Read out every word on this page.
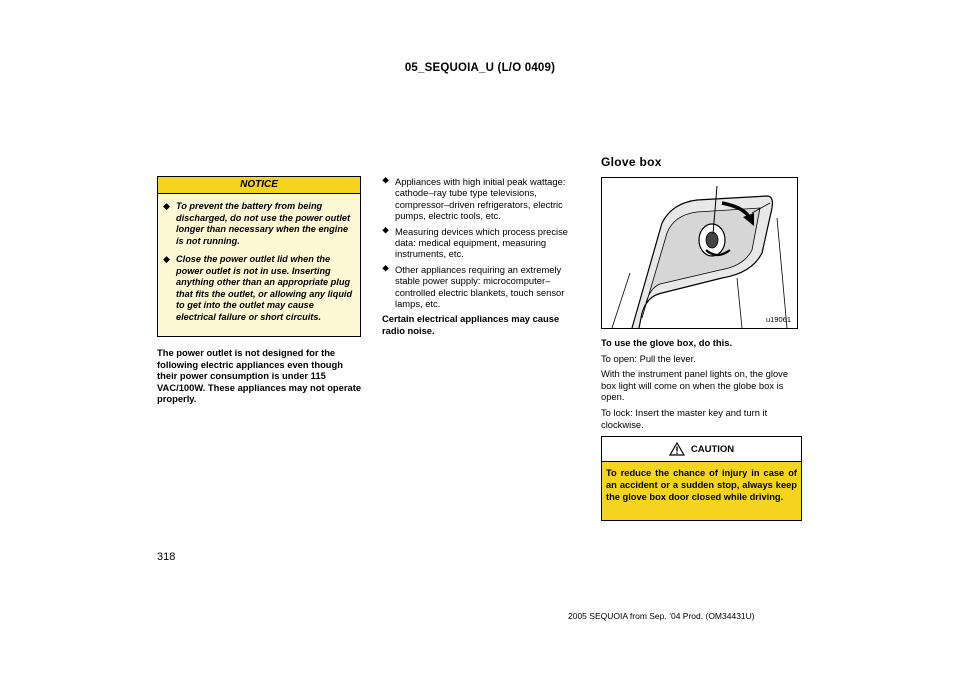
05_SEQUOIA_U (L/O 0409)
NOTICE
◆ To prevent the battery from being discharged, do not use the power outlet longer than necessary when the engine is not running.
◆ Close the power outlet lid when the power outlet is not in use. Inserting anything other than an appropriate plug that fits the outlet, or allowing any liquid to get into the outlet may cause electrical failure or short circuits.
The power outlet is not designed for the following electric appliances even though their power consumption is under 115 VAC/100W. These appliances may not operate properly.
⯁ Appliances with high initial peak wattage: cathode–ray tube type televisions, compressor–driven refrigerators, electric pumps, electric tools, etc.
⯁ Measuring devices which process precise data: medical equipment, measuring instruments, etc.
⯁ Other appliances requiring an extremely stable power supply: microcomputer–controlled electric blankets, touch sensor lamps, etc.
Certain electrical appliances may cause radio noise.
Glove box
u19061
To use the glove box, do this.
To open: Pull the lever.
With the instrument panel lights on, the glove box light will come on when the globe box is open.
To lock: Insert the master key and turn it clockwise.
CAUTION
To reduce the chance of injury in case of an accident or a sudden stop, always keep the glove box door closed while driving.
318
2005 SEQUOIA from Sep. ’04 Prod. (OM34431U)
